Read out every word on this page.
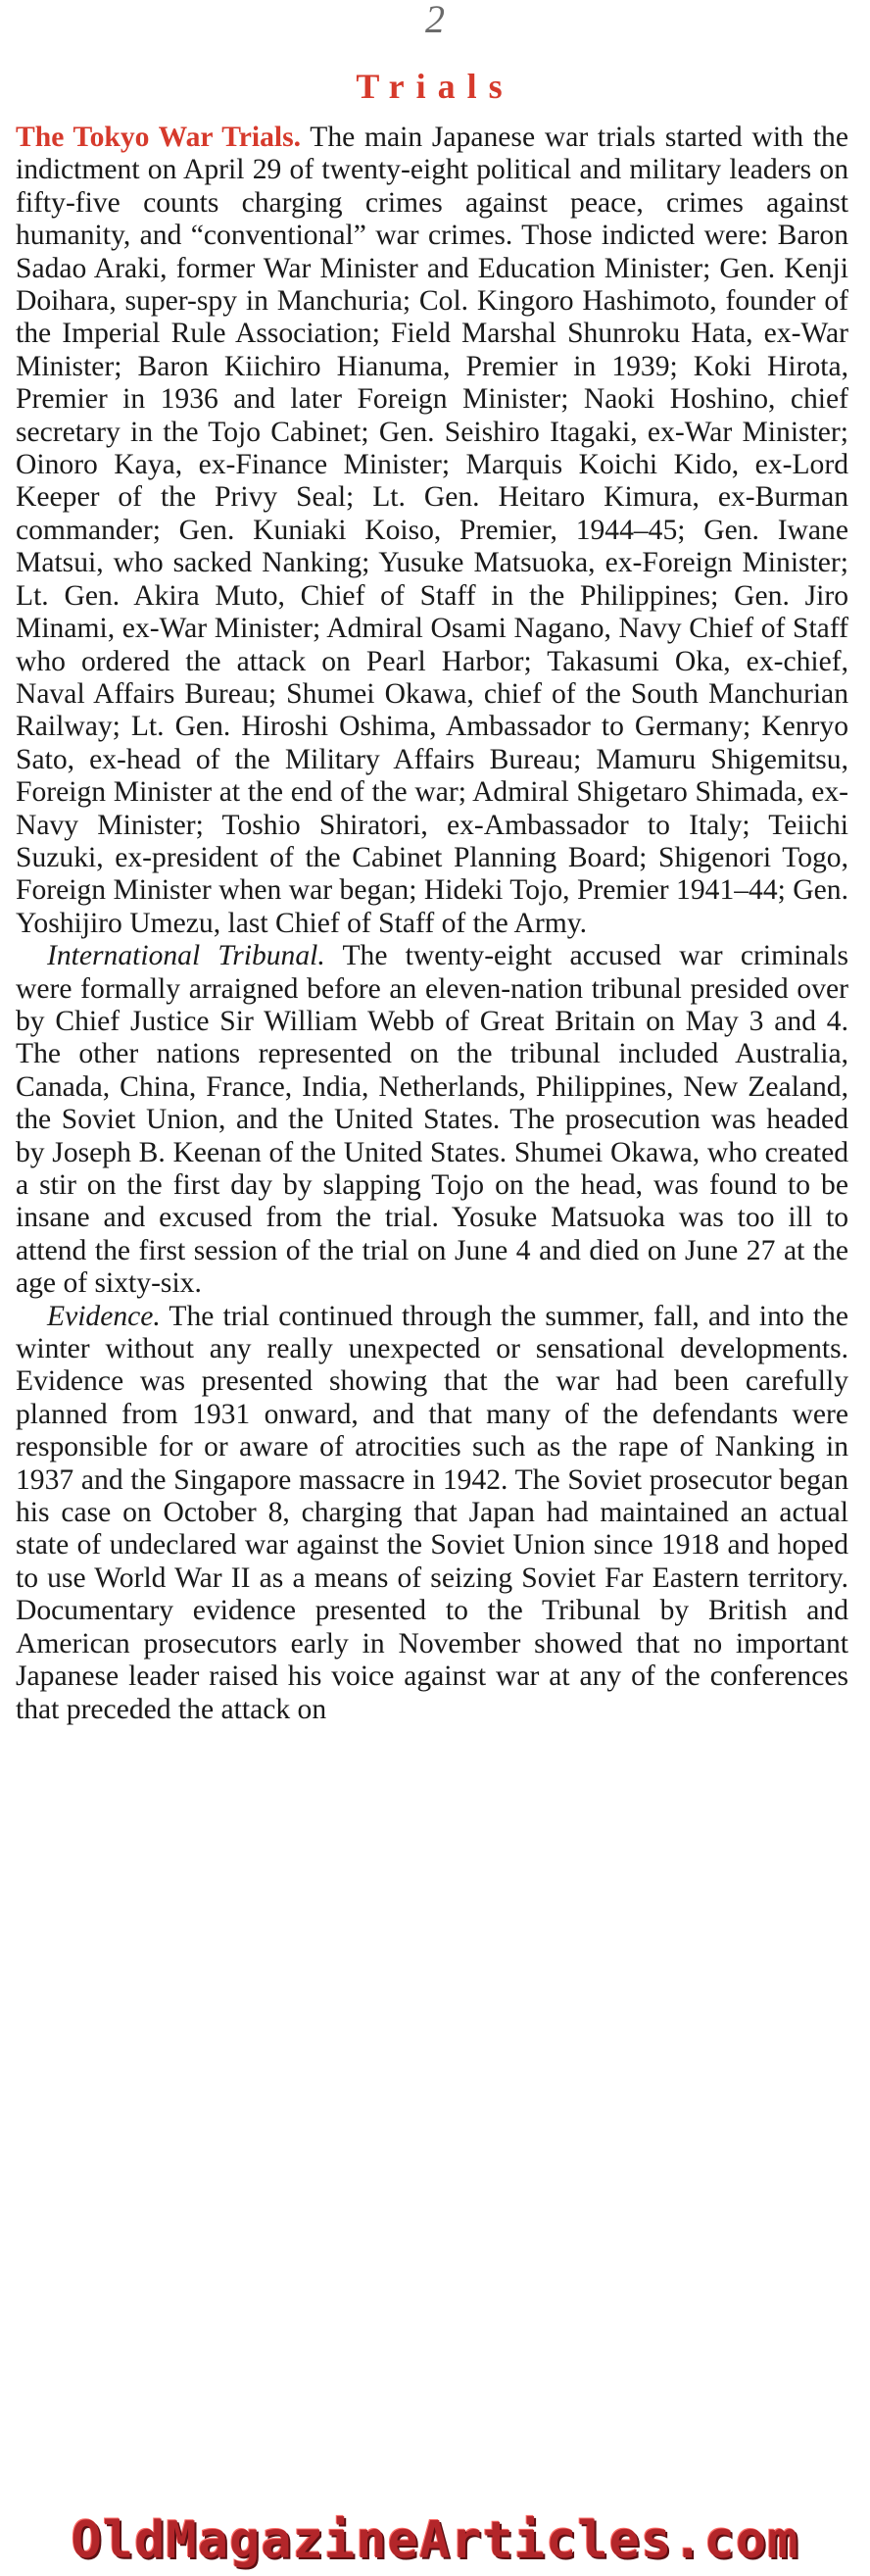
2
Trials

The Tokyo War Trials. The main Japanese war trials started with the indictment on April 29 of twenty-eight political and military leaders on fifty-five counts charging crimes against peace, crimes against humanity, and “conventional” war crimes. Those indicted were: Baron Sadao Araki, former War Minister and Education Minister; Gen. Kenji Doihara, super-spy in Manchuria; Col. Kingoro Hashimoto, founder of the Imperial Rule Association; Field Marshal Shunroku Hata, ex-War Minister; Baron Kiichiro Hianuma, Premier in 1939; Koki Hirota, Premier in 1936 and later Foreign Minister; Naoki Hoshino, chief secretary in the Tojo Cabinet; Gen. Seishiro Itagaki, ex-War Minister; Oinoro Kaya, ex-Finance Minister; Marquis Koichi Kido, ex-Lord Keeper of the Privy Seal; Lt. Gen. Heitaro Kimura, ex-Burman commander; Gen. Kuniaki Koiso, Premier, 1944–45; Gen. Iwane Matsui, who sacked Nanking; Yusuke Matsuoka, ex-Foreign Minister; Lt. Gen. Akira Muto, Chief of Staff in the Philippines; Gen. Jiro Minami, ex-War Minister; Admiral Osami Nagano, Navy Chief of Staff who ordered the attack on Pearl Harbor; Takasumi Oka, ex-chief, Naval Affairs Bureau; Shumei Okawa, chief of the South Manchurian Railway; Lt. Gen. Hiroshi Oshima, Ambassador to Germany; Kenryo Sato, ex-head of the Military Affairs Bureau; Mamuru Shigemitsu, Foreign Minister at the end of the war; Admiral Shigetaro Shimada, ex-Navy Minister; Toshio Shiratori, ex-Ambassador to Italy; Teiichi Suzuki, ex-president of the Cabinet Planning Board; Shigenori Togo, Foreign Minister when war began; Hideki Tojo, Premier 1941–44; Gen. Yoshijiro Umezu, last Chief of Staff of the Army.

International Tribunal. The twenty-eight accused war criminals were formally arraigned before an eleven-nation tribunal presided over by Chief Justice Sir William Webb of Great Britain on May 3 and 4. The other nations represented on the tribunal included Australia, Canada, China, France, India, Netherlands, Philippines, New Zealand, the Soviet Union, and the United States. The prosecution was headed by Joseph B. Keenan of the United States. Shumei Okawa, who created a stir on the first day by slapping Tojo on the head, was found to be insane and excused from the trial. Yosuke Matsuoka was too ill to attend the first session of the trial on June 4 and died on June 27 at the age of sixty-six.

Evidence. The trial continued through the summer, fall, and into the winter without any really unexpected or sensational developments. Evidence was presented showing that the war had been carefully planned from 1931 onward, and that many of the defendants were responsible for or aware of atrocities such as the rape of Nanking in 1937 and the Singapore massacre in 1942. The Soviet prosecutor began his case on October 8, charging that Japan had maintained an actual state of undeclared war against the Soviet Union since 1918 and hoped to use World War II as a means of seizing Soviet Far Eastern territory. Documentary evidence presented to the Tribunal by British and American prosecutors early in November showed that no important Japanese leader raised his voice against war at any of the conferences that preceded the attack on

OldMagazineArticles.com
